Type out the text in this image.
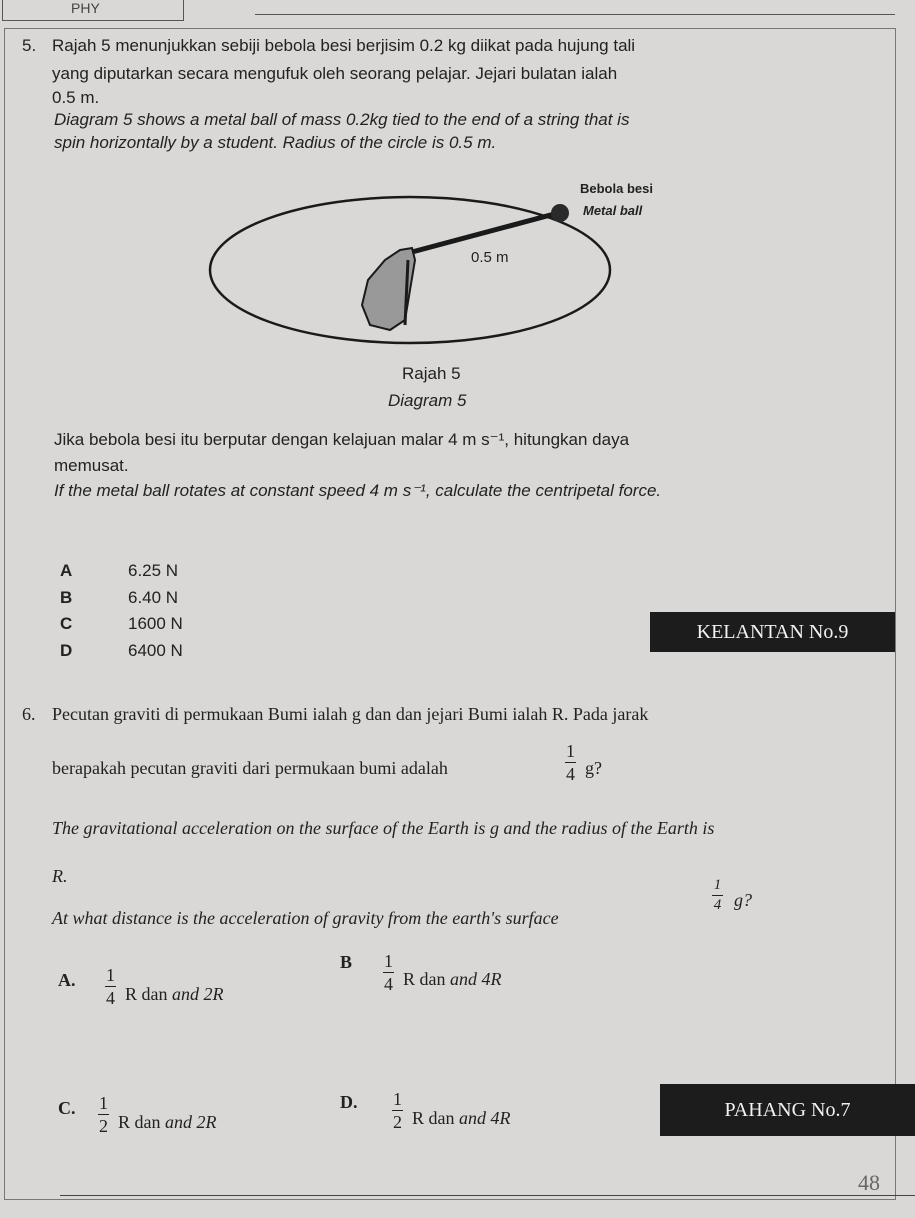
PHY
5. Rajah 5 menunjukkan sebiji bebola besi berjisim 0.2 kg diikat pada hujung tali
yang diputarkan secara mengufuk oleh seorang pelajar. Jejari bulatan ialah
0.5 m.
Diagram 5 shows a metal ball of mass 0.2kg tied to the end of a string that is
spin horizontally by a student. Radius of the circle is 0.5 m.
Bebola besi
Metal ball
0.5 m
Rajah 5
Diagram 5
Jika bebola besi itu berputar dengan kelajuan malar 4 m s⁻¹, hitungkan daya
memusat.
If the metal ball rotates at constant speed 4 m s⁻¹, calculate the centripetal force.
A	6.25 N
B	6.40 N
C	1600 N
D	6400 N
KELANTAN No.9
6. Pecutan graviti di permukaan Bumi ialah g dan dan jejari Bumi ialah R. Pada jarak
berapakah pecutan graviti dari permukaan bumi adalah
1
4 g?
The gravitational acceleration on the surface of the Earth is g and the radius of the Earth is
R.
At what distance is the acceleration of gravity from the earth's surface
1
4 g?
A. 1
4 R dan and 2R
B 1
4 R dan and 4R
C. 1
2 R dan and 2R
D. 1
2 R dan and 4R	PAHANG No.7
48
